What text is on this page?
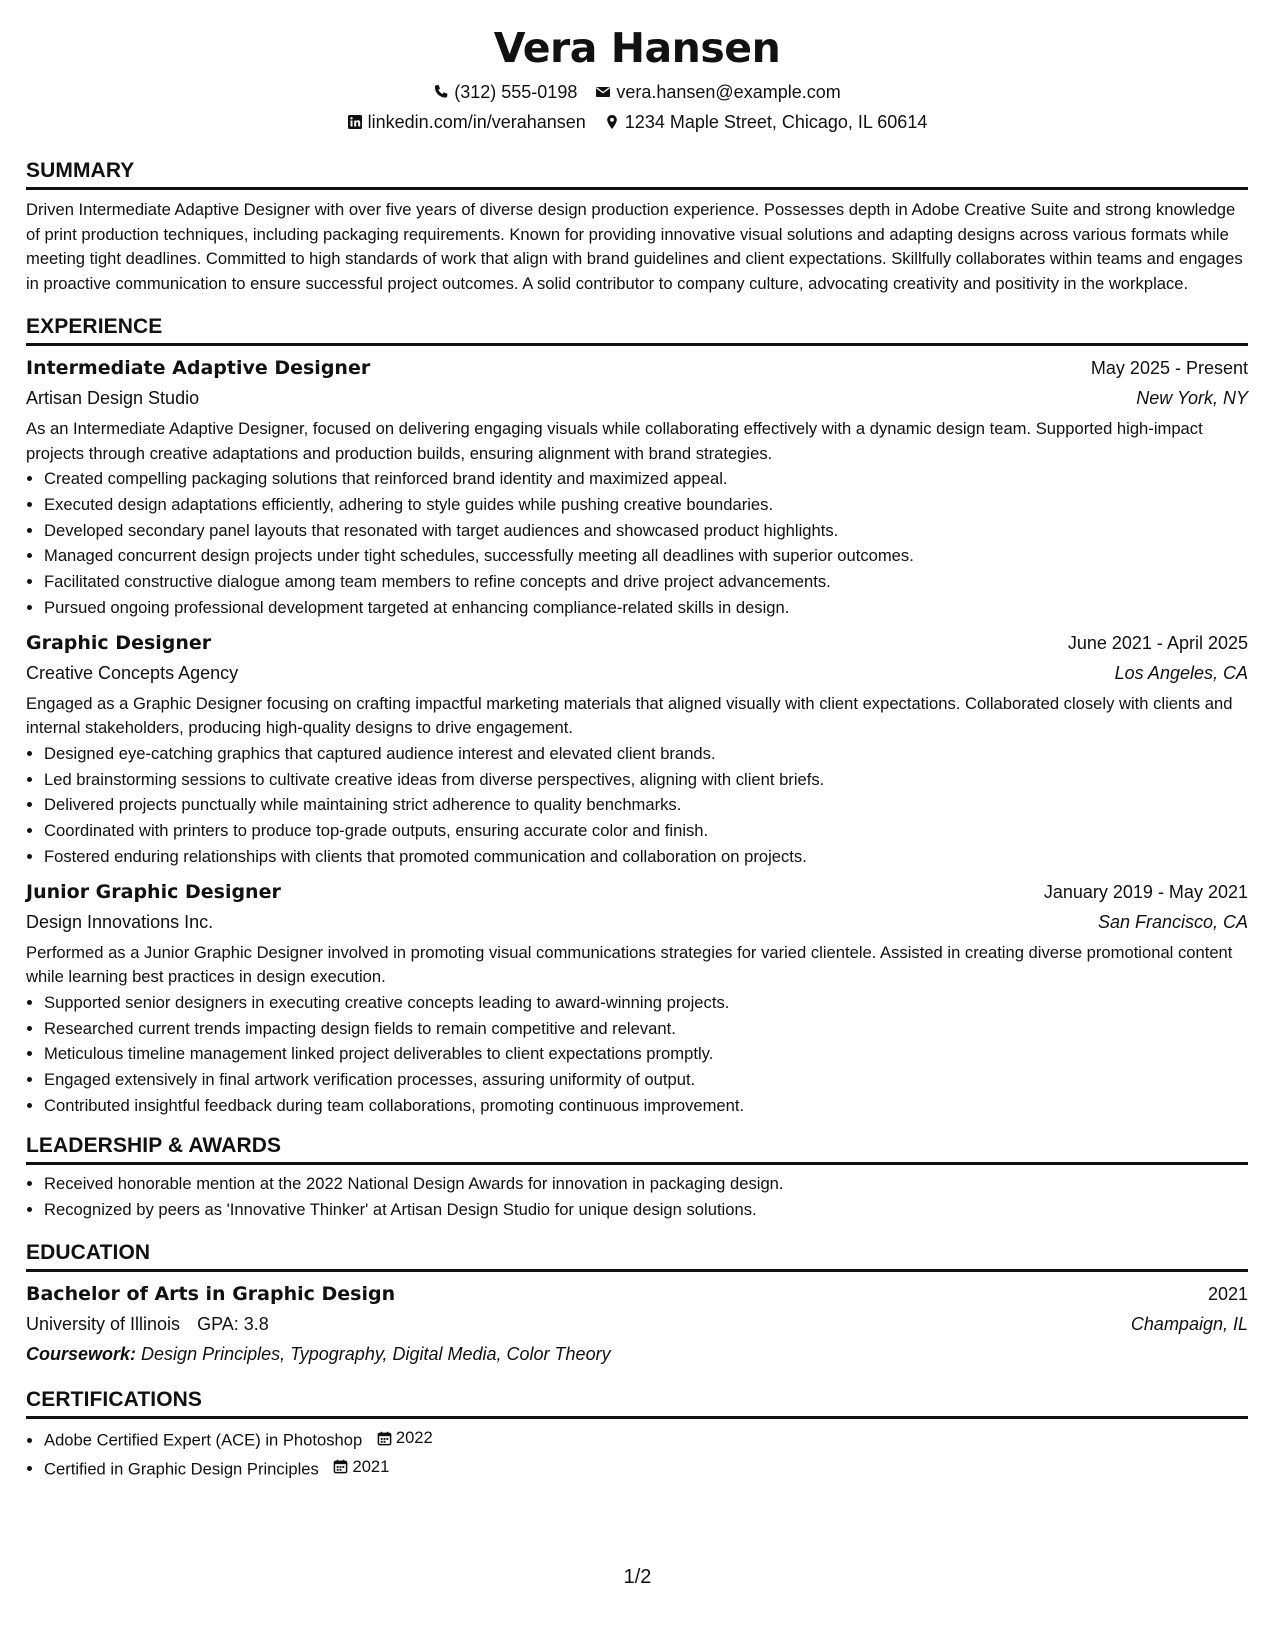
Vera Hansen
(312) 555-0198 vera.hansen@example.com
linkedin.com/in/verahansen 1234 Maple Street, Chicago, IL 60614
SUMMARY
Driven Intermediate Adaptive Designer with over five years of diverse design production experience. Possesses depth in Adobe Creative Suite and strong knowledge of print production techniques, including packaging requirements. Known for providing innovative visual solutions and adapting designs across various formats while meeting tight deadlines. Committed to high standards of work that align with brand guidelines and client expectations. Skillfully collaborates within teams and engages in proactive communication to ensure successful project outcomes. A solid contributor to company culture, advocating creativity and positivity in the workplace.
EXPERIENCE
Intermediate Adaptive Designer	May 2025 - Present
Artisan Design Studio	New York, NY
As an Intermediate Adaptive Designer, focused on delivering engaging visuals while collaborating effectively with a dynamic design team. Supported high-impact projects through creative adaptations and production builds, ensuring alignment with brand strategies.
• Created compelling packaging solutions that reinforced brand identity and maximized appeal.
• Executed design adaptations efficiently, adhering to style guides while pushing creative boundaries.
• Developed secondary panel layouts that resonated with target audiences and showcased product highlights.
• Managed concurrent design projects under tight schedules, successfully meeting all deadlines with superior outcomes.
• Facilitated constructive dialogue among team members to refine concepts and drive project advancements.
• Pursued ongoing professional development targeted at enhancing compliance-related skills in design.
Graphic Designer	June 2021 - April 2025
Creative Concepts Agency	Los Angeles, CA
Engaged as a Graphic Designer focusing on crafting impactful marketing materials that aligned visually with client expectations. Collaborated closely with clients and internal stakeholders, producing high-quality designs to drive engagement.
• Designed eye-catching graphics that captured audience interest and elevated client brands.
• Led brainstorming sessions to cultivate creative ideas from diverse perspectives, aligning with client briefs.
• Delivered projects punctually while maintaining strict adherence to quality benchmarks.
• Coordinated with printers to produce top-grade outputs, ensuring accurate color and finish.
• Fostered enduring relationships with clients that promoted communication and collaboration on projects.
Junior Graphic Designer	January 2019 - May 2021
Design Innovations Inc.	San Francisco, CA
Performed as a Junior Graphic Designer involved in promoting visual communications strategies for varied clientele. Assisted in creating diverse promotional content while learning best practices in design execution.
• Supported senior designers in executing creative concepts leading to award-winning projects.
• Researched current trends impacting design fields to remain competitive and relevant.
• Meticulous timeline management linked project deliverables to client expectations promptly.
• Engaged extensively in final artwork verification processes, assuring uniformity of output.
• Contributed insightful feedback during team collaborations, promoting continuous improvement.
LEADERSHIP & AWARDS
• Received honorable mention at the 2022 National Design Awards for innovation in packaging design.
• Recognized by peers as 'Innovative Thinker' at Artisan Design Studio for unique design solutions.
EDUCATION
Bachelor of Arts in Graphic Design	2021
University of Illinois GPA: 3.8	Champaign, IL
Coursework: Design Principles, Typography, Digital Media, Color Theory
CERTIFICATIONS
• Adobe Certified Expert (ACE) in Photoshop 2022
• Certified in Graphic Design Principles 2021
1/2
